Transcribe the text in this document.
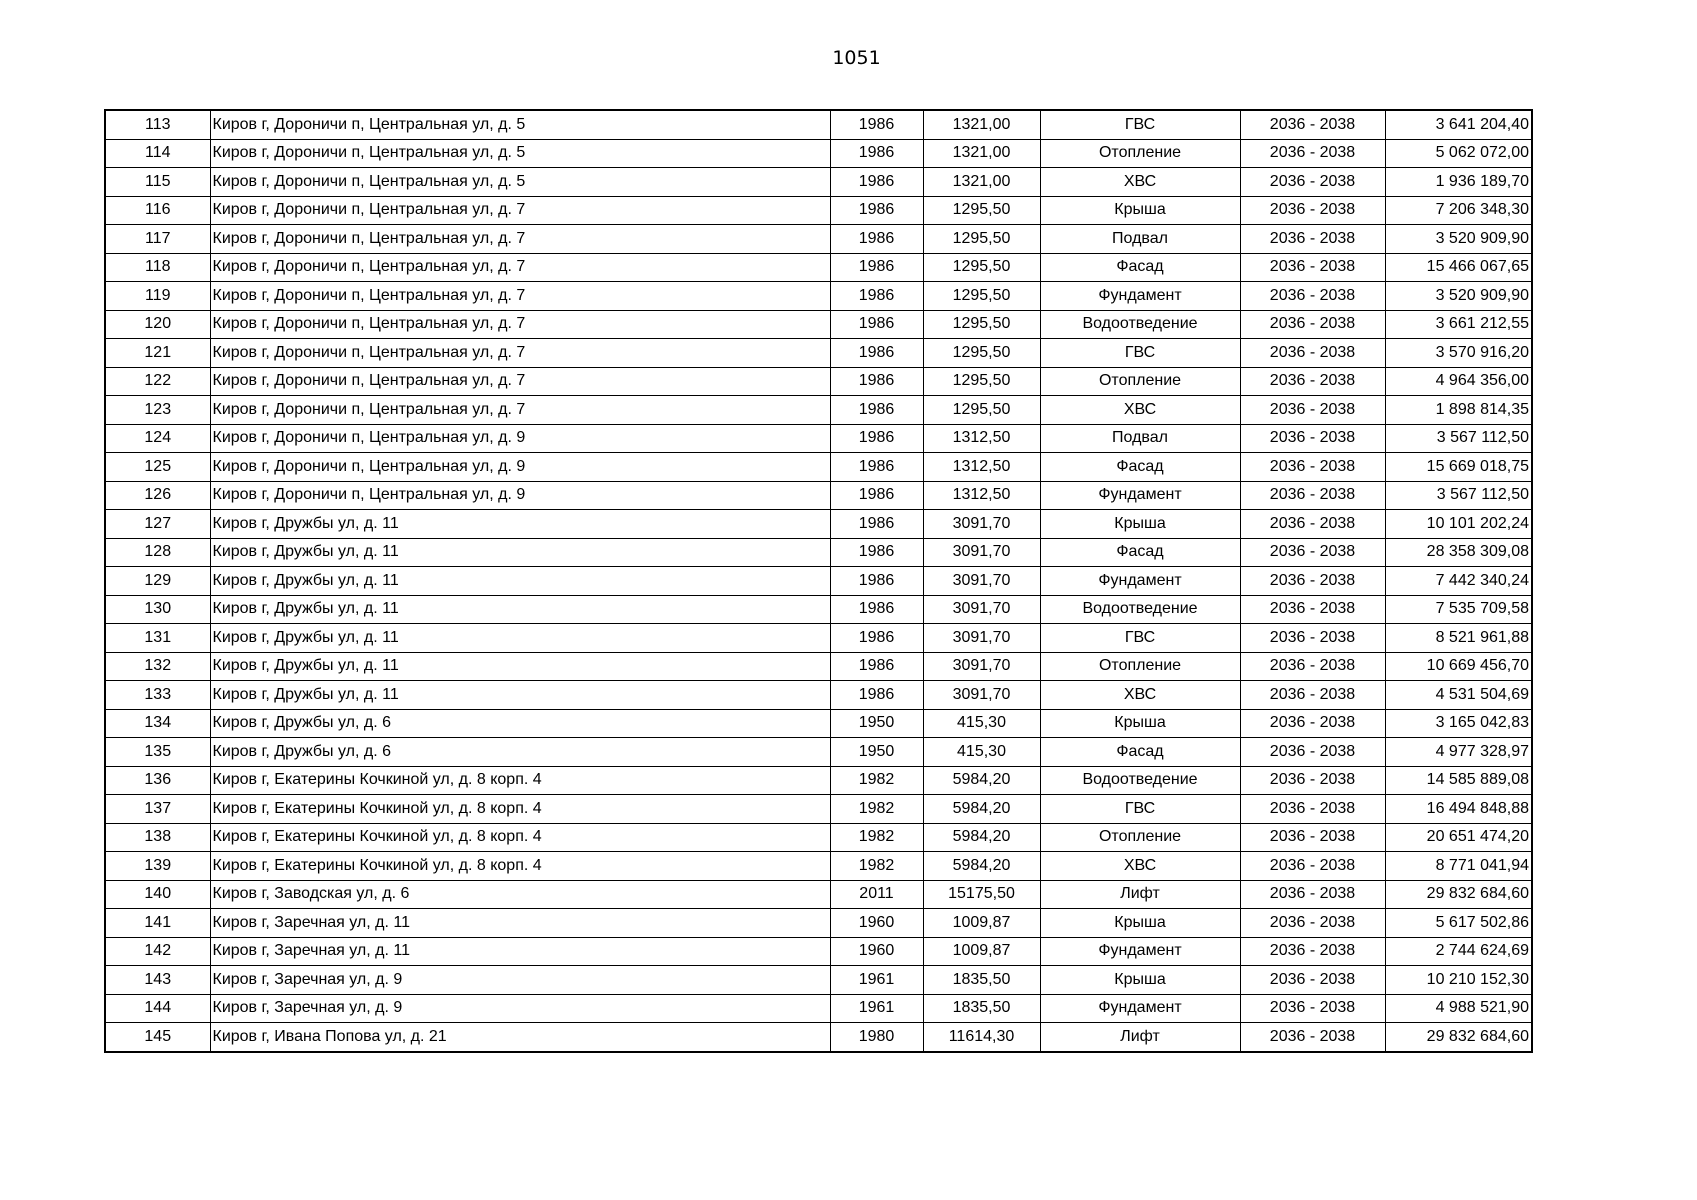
1051
113	Киров г, Дороничи п, Центральная ул, д. 5	1986	1321,00	ГВС	2036 - 2038	3 641 204,40
114	Киров г, Дороничи п, Центральная ул, д. 5	1986	1321,00	Отопление	2036 - 2038	5 062 072,00
115	Киров г, Дороничи п, Центральная ул, д. 5	1986	1321,00	ХВС	2036 - 2038	1 936 189,70
116	Киров г, Дороничи п, Центральная ул, д. 7	1986	1295,50	Крыша	2036 - 2038	7 206 348,30
117	Киров г, Дороничи п, Центральная ул, д. 7	1986	1295,50	Подвал	2036 - 2038	3 520 909,90
118	Киров г, Дороничи п, Центральная ул, д. 7	1986	1295,50	Фасад	2036 - 2038	15 466 067,65
119	Киров г, Дороничи п, Центральная ул, д. 7	1986	1295,50	Фундамент	2036 - 2038	3 520 909,90
120	Киров г, Дороничи п, Центральная ул, д. 7	1986	1295,50	Водоотведение	2036 - 2038	3 661 212,55
121	Киров г, Дороничи п, Центральная ул, д. 7	1986	1295,50	ГВС	2036 - 2038	3 570 916,20
122	Киров г, Дороничи п, Центральная ул, д. 7	1986	1295,50	Отопление	2036 - 2038	4 964 356,00
123	Киров г, Дороничи п, Центральная ул, д. 7	1986	1295,50	ХВС	2036 - 2038	1 898 814,35
124	Киров г, Дороничи п, Центральная ул, д. 9	1986	1312,50	Подвал	2036 - 2038	3 567 112,50
125	Киров г, Дороничи п, Центральная ул, д. 9	1986	1312,50	Фасад	2036 - 2038	15 669 018,75
126	Киров г, Дороничи п, Центральная ул, д. 9	1986	1312,50	Фундамент	2036 - 2038	3 567 112,50
127	Киров г, Дружбы ул, д. 11	1986	3091,70	Крыша	2036 - 2038	10 101 202,24
128	Киров г, Дружбы ул, д. 11	1986	3091,70	Фасад	2036 - 2038	28 358 309,08
129	Киров г, Дружбы ул, д. 11	1986	3091,70	Фундамент	2036 - 2038	7 442 340,24
130	Киров г, Дружбы ул, д. 11	1986	3091,70	Водоотведение	2036 - 2038	7 535 709,58
131	Киров г, Дружбы ул, д. 11	1986	3091,70	ГВС	2036 - 2038	8 521 961,88
132	Киров г, Дружбы ул, д. 11	1986	3091,70	Отопление	2036 - 2038	10 669 456,70
133	Киров г, Дружбы ул, д. 11	1986	3091,70	ХВС	2036 - 2038	4 531 504,69
134	Киров г, Дружбы ул, д. 6	1950	415,30	Крыша	2036 - 2038	3 165 042,83
135	Киров г, Дружбы ул, д. 6	1950	415,30	Фасад	2036 - 2038	4 977 328,97
136	Киров г, Екатерины Кочкиной ул, д. 8 корп. 4	1982	5984,20	Водоотведение	2036 - 2038	14 585 889,08
137	Киров г, Екатерины Кочкиной ул, д. 8 корп. 4	1982	5984,20	ГВС	2036 - 2038	16 494 848,88
138	Киров г, Екатерины Кочкиной ул, д. 8 корп. 4	1982	5984,20	Отопление	2036 - 2038	20 651 474,20
139	Киров г, Екатерины Кочкиной ул, д. 8 корп. 4	1982	5984,20	ХВС	2036 - 2038	8 771 041,94
140	Киров г, Заводская ул, д. 6	2011	15175,50	Лифт	2036 - 2038	29 832 684,60
141	Киров г, Заречная ул, д. 11	1960	1009,87	Крыша	2036 - 2038	5 617 502,86
142	Киров г, Заречная ул, д. 11	1960	1009,87	Фундамент	2036 - 2038	2 744 624,69
143	Киров г, Заречная ул, д. 9	1961	1835,50	Крыша	2036 - 2038	10 210 152,30
144	Киров г, Заречная ул, д. 9	1961	1835,50	Фундамент	2036 - 2038	4 988 521,90
145	Киров г, Ивана Попова ул, д. 21	1980	11614,30	Лифт	2036 - 2038	29 832 684,60
